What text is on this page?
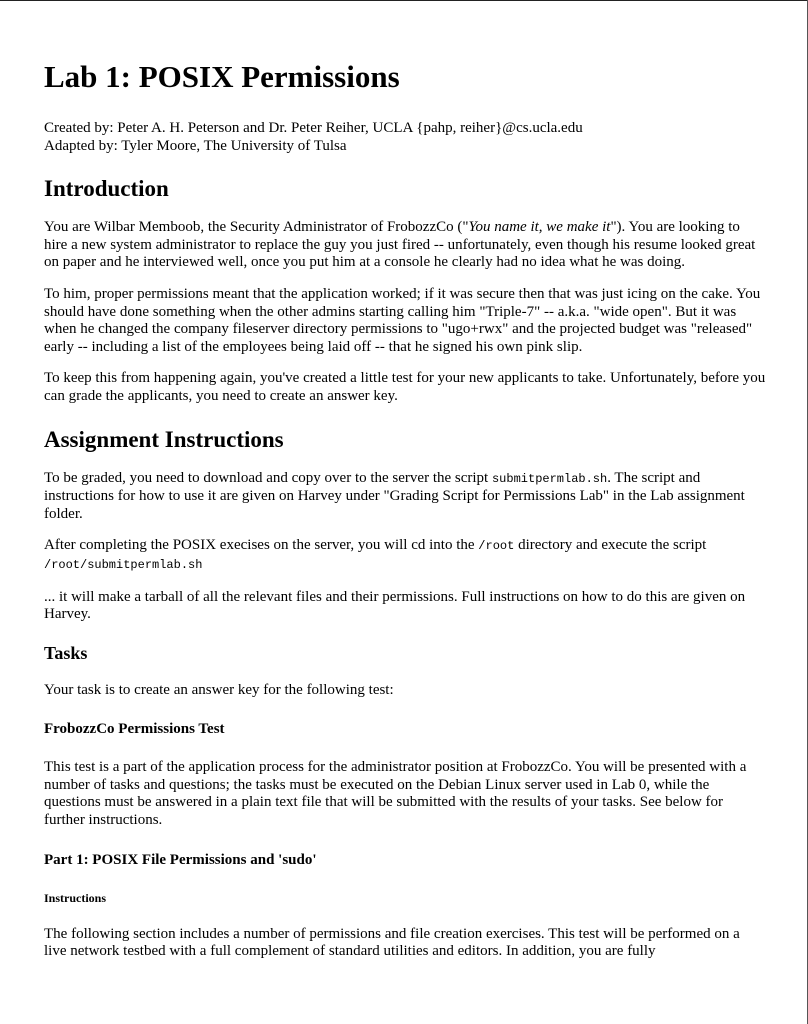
Lab 1: POSIX Permissions

Created by: Peter A. H. Peterson and Dr. Peter Reiher, UCLA {pahp, reiher}@cs.ucla.edu
Adapted by: Tyler Moore, The University of Tulsa

Introduction

You are Wilbar Memboob, the Security Administrator of FrobozzCo ("You name it, we make it"). You are looking to hire a new system administrator to replace the guy you just fired -- unfortunately, even though his resume looked great on paper and he interviewed well, once you put him at a console he clearly had no idea what he was doing.

To him, proper permissions meant that the application worked; if it was secure then that was just icing on the cake. You should have done something when the other admins starting calling him "Triple-7" -- a.k.a. "wide open". But it was when he changed the company fileserver directory permissions to "ugo+rwx" and the projected budget was "released" early -- including a list of the employees being laid off -- that he signed his own pink slip.

To keep this from happening again, you've created a little test for your new applicants to take. Unfortunately, before you can grade the applicants, you need to create an answer key.

Assignment Instructions

To be graded, you need to download and copy over to the server the script submitpermlab.sh. The script and instructions for how to use it are given on Harvey under "Grading Script for Permissions Lab" in the Lab assignment folder.

After completing the POSIX execises on the server, you will cd into the /root directory and execute the script /root/submitpermlab.sh

... it will make a tarball of all the relevant files and their permissions. Full instructions on how to do this are given on Harvey.

Tasks

Your task is to create an answer key for the following test:

FrobozzCo Permissions Test

This test is a part of the application process for the administrator position at FrobozzCo. You will be presented with a number of tasks and questions; the tasks must be executed on the Debian Linux server used in Lab 0, while the questions must be answered in a plain text file that will be submitted with the results of your tasks. See below for further instructions.

Part 1: POSIX File Permissions and 'sudo'
Instructions

The following section includes a number of permissions and file creation exercises. This test will be performed on a live network testbed with a full complement of standard utilities and editors. In addition, you are fully
